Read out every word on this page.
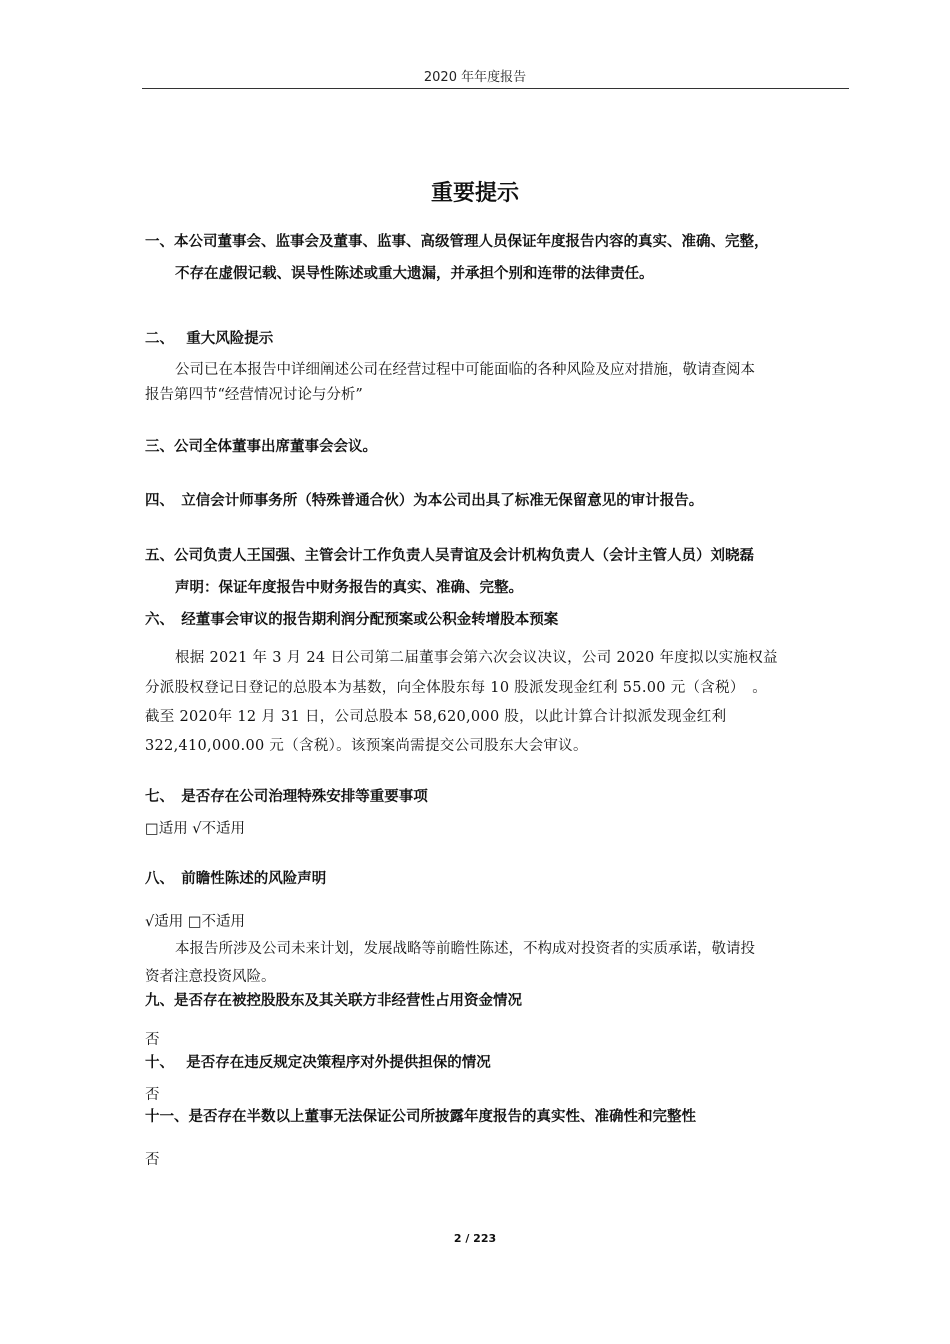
2020 年年度报告
重要提示
一、本公司董事会、监事会及董事、监事、高级管理人员保证年度报告内容的真实、准确、完整，
不存在虚假记载、误导性陈述或重大遗漏，并承担个别和连带的法律责任。
二、　 重大风险提示
公司已在本报告中详细阐述公司在经营过程中可能面临的各种风险及应对措施，敬请查阅本
报告第四节“经营情况讨论与分析”
三、公司全体董事出席董事会会议。
四、　立信会计师事务所（特殊普通合伙）为本公司出具了标准无保留意见的审计报告。
五、公司负责人王国强、主管会计工作负责人吴青谊及会计机构负责人（会计主管人员）刘晓磊
声明：保证年度报告中财务报告的真实、准确、完整。
六、　经董事会审议的报告期利润分配预案或公积金转增股本预案
根据 2021 年 3 月 24 日公司第二届董事会第六次会议决议，公司 2020 年度拟以实施权益
分派股权登记日登记的总股本为基数，向全体股东每 10 股派发现金红利 55.00 元（含税）　。
截至 2020年 12 月 31 日，公司总股本 58,620,000 股，以此计算合计拟派发现金红利
322,410,000.00 元（含税）。该预案尚需提交公司股东大会审议。
七、　是否存在公司治理特殊安排等重要事项
□适用 √不适用
八、　前瞻性陈述的风险声明
√适用 □不适用
本报告所涉及公司未来计划，发展战略等前瞻性陈述，不构成对投资者的实质承诺，敬请投
资者注意投资风险。
九、是否存在被控股股东及其关联方非经营性占用资金情况
否
十、　 是否存在违反规定决策程序对外提供担保的情况
否
十一、是否存在半数以上董事无法保证公司所披露年度报告的真实性、准确性和完整性
否
2 / 223
